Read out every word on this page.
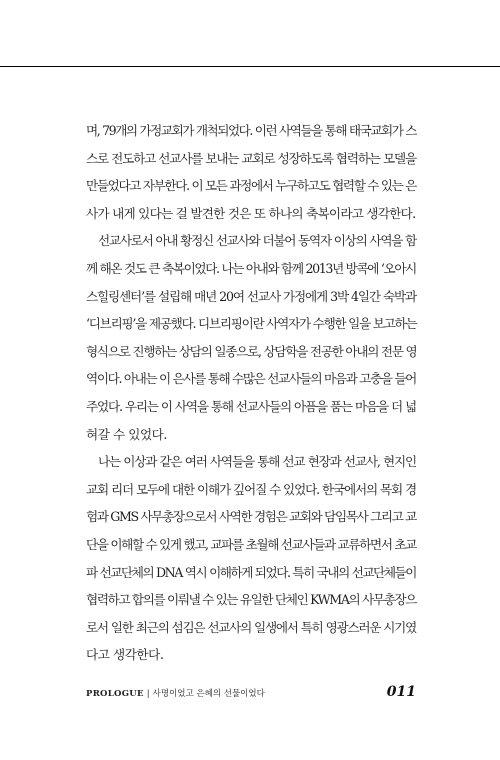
며, 79개의 가정교회가 개척되었다. 이런 사역들을 통해 태국교회가 스
스로 전도하고 선교사를 보내는 교회로 성장하도록 협력하는 모델을
만들었다고 자부한다. 이 모든 과정에서 누구하고도 협력할 수 있는 은
사가 내게 있다는 걸 발견한 것은 또 하나의 축복이라고 생각한다.
선교사로서 아내 황정신 선교사와 더불어 동역자 이상의 사역을 함
께 해온 것도 큰 축복이었다. 나는 아내와 함께 2013년 방콕에 ‘오아시
스힐링센터’를 설립해 매년 20여 선교사 가정에게 3박 4일간 숙박과
‘디브리핑’을 제공했다. 디브리핑이란 사역자가 수행한 일을 보고하는
형식으로 진행하는 상담의 일종으로, 상담학을 전공한 아내의 전문 영
역이다. 아내는 이 은사를 통해 수많은 선교사들의 마음과 고충을 들어
주었다. 우리는 이 사역을 통해 선교사들의 아픔을 품는 마음을 더 넓
혀갈 수 있었다.
나는 이상과 같은 여러 사역들을 통해 선교 현장과 선교사, 현지인
교회 리더 모두에 대한 이해가 깊어질 수 있었다. 한국에서의 목회 경
험과 GMS 사무총장으로서 사역한 경험은 교회와 담임목사 그리고 교
단을 이해할 수 있게 했고, 교파를 초월해 선교사들과 교류하면서 초교
파 선교단체의 DNA 역시 이해하게 되었다. 특히 국내의 선교단체들이
협력하고 합의를 이뤄낼 수 있는 유일한 단체인 KWMA의 사무총장으
로서 일한 최근의 섬김은 선교사의 일생에서 특히 영광스러운 시기였
다고 생각한다.
PROLOGUE | 사명이었고 은혜의 선물이었다	011
